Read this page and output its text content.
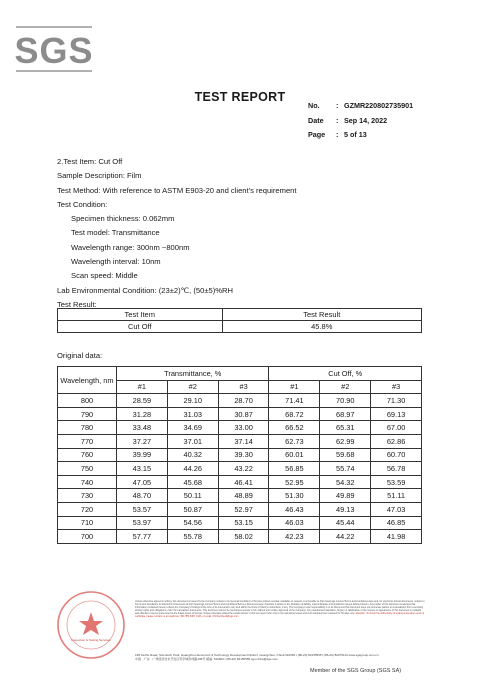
SGS
TEST REPORT
No.	: GZMR220802735901
Date	: Sep 14, 2022
Page	: 5 of 13
2.Test Item: Cut Off
Sample Description: Film
Test Method: With reference to ASTM E903-20 and client's requirement
Test Condition:
Specimen thickness: 0.062mm
Test model: Transmittance
Wavelength range: 300nm ~800nm
Wavelength interval: 10nm
Scan speed: Middle
Lab Environmental Condition: (23±2)℃, (50±5)%RH
Test Result:
Test Item	Test Result
Cut Off	45.8%
Original data:
Wavelength, nm	Transmittance, %			Cut Off, %		
	#1	#2	#3	#1	#2	#3
800	28.59	29.10	28.70	71.41	70.90	71.30
790	31.28	31.03	30.87	68.72	68.97	69.13
780	33.48	34.69	33.00	66.52	65.31	67.00
770	37.27	37.01	37.14	62.73	62.99	62.86
760	39.99	40.32	39.30	60.01	59.68	60.70
750	43.15	44.26	43.22	56.85	55.74	56.78
740	47.05	45.68	46.41	52.95	54.32	53.59
730	48.70	50.11	48.89	51.30	49.89	51.11
720	53.57	50.87	52.97	46.43	49.13	47.03
710	53.97	54.56	53.15	46.03	45.44	46.85
700	57.77	55.78	58.02	42.23	44.22	41.98
Inspection & Testing Services
Unless otherwise agreed in writing, this document is issued by the Company subject to its General Conditions of Service printed overleaf, available on request or accessible at http://www.sgs.com/en/Terms-and-Conditions.aspx and, for electronic format documents, subject to Terms and Conditions for Electronic Documents at http://www.sgs.com/en/Terms-and-Conditions/Terms-e-Document.aspx. Attention is drawn to the limitation of liability, indemnification and jurisdiction issues defined therein. Any holder of this document is advised that information contained hereon reflects the Company's findings at the time of its intervention only and within the limits of Client's instructions, if any. The Company's sole responsibility is to its Client and this document does not exonerate parties to a transaction from exercising all their rights and obligations under the transaction documents. This document cannot be reproduced except in full, without prior written approval of the Company. Any unauthorized alteration, forgery or falsification of the content or appearance of this document is unlawful and offenders may be prosecuted to the fullest extent of the law. Unless otherwise stated the results shown in this test report refer only to the sample(s) tested and such sample(s) are retained for 30 days only. Attention: To check the authenticity of testing /inspection report & certificate, please contact us at telephone: (86-755) 8307 1443, or email: CN.Doccheck@sgs.com
198 Kezhu Road, Scientech Park, Guangzhou Economic & Technology Development District, Guangzhou, China 510663 t (86-20) 82155555 f (86-20) 82075113 www.sgsgroup.com.cn
中国 · 广东 · 广州经济技术开发区科学城科珠路198号 邮编: 510663 t (86-20) 82155555 sgs.china@sgs.com
Member of the SGS Group (SGS SA)
